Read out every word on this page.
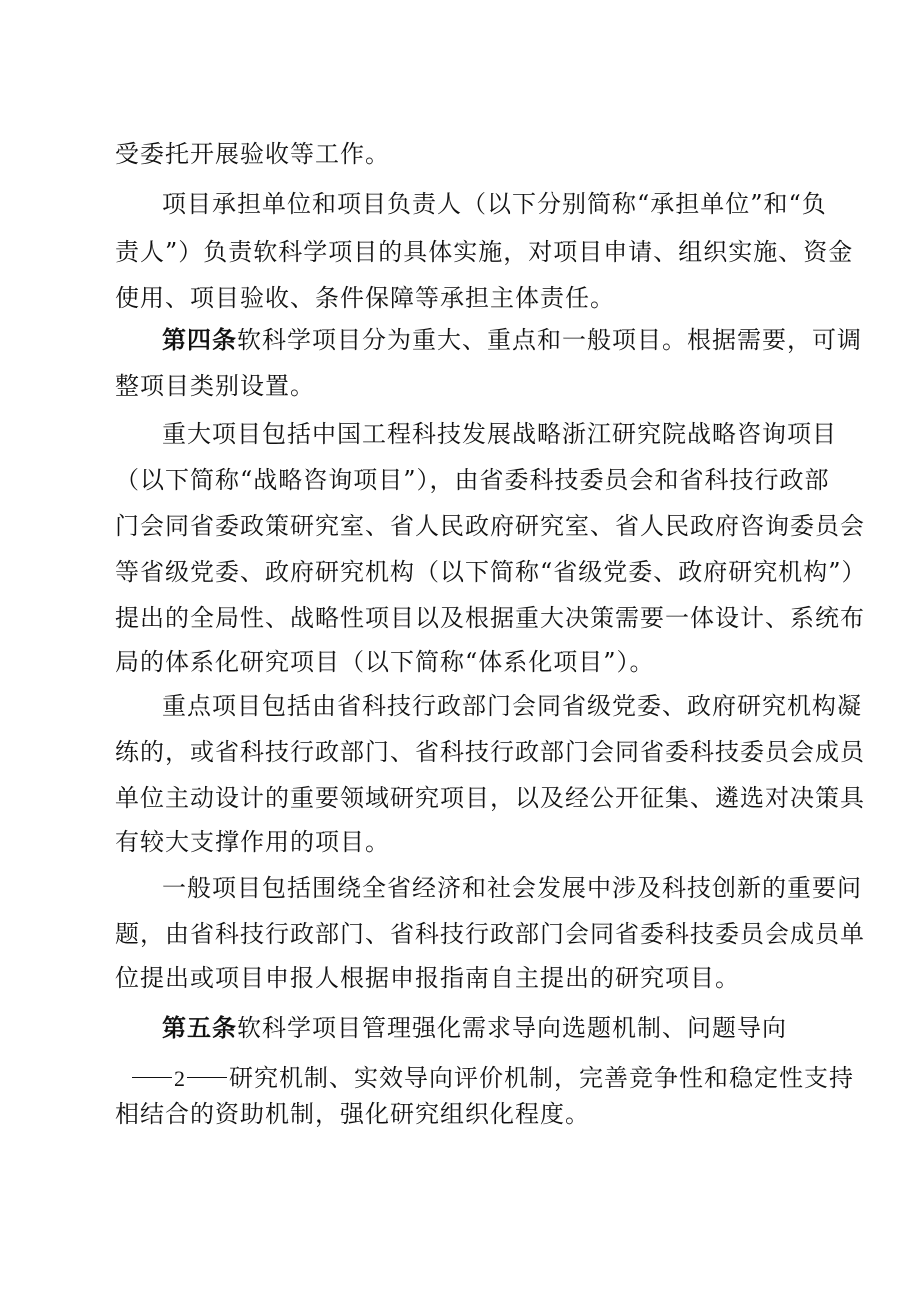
受委托开展验收等工作。
项目承担单位和项目负责人（以下分别简称“承担单位”和“负
责人”）负责软科学项目的具体实施，对项目申请、组织实施、资金
使用、项目验收、条件保障等承担主体责任。
第四条软科学项目分为重大、重点和一般项目。根据需要，可调
整项目类别设置。
重大项目包括中国工程科技发展战略浙江研究院战略咨询项目
（以下简称“战略咨询项目”），由省委科技委员会和省科技行政部
门会同省委政策研究室、省人民政府研究室、省人民政府咨询委员会
等省级党委、政府研究机构（以下简称“省级党委、政府研究机构”）
提出的全局性、战略性项目以及根据重大决策需要一体设计、系统布
局的体系化研究项目（以下简称“体系化项目”）。
重点项目包括由省科技行政部门会同省级党委、政府研究机构凝
练的，或省科技行政部门、省科技行政部门会同省委科技委员会成员
单位主动设计的重要领域研究项目，以及经公开征集、遴选对决策具
有较大支撑作用的项目。
一般项目包括围绕全省经济和社会发展中涉及科技创新的重要问
题，由省科技行政部门、省科技行政部门会同省委科技委员会成员单
位提出或项目申报人根据申报指南自主提出的研究项目。
第五条软科学项目管理强化需求导向选题机制、问题导向
2 研究机制、实效导向评价机制，完善竞争性和稳定性支持
相结合的资助机制，强化研究组织化程度。
